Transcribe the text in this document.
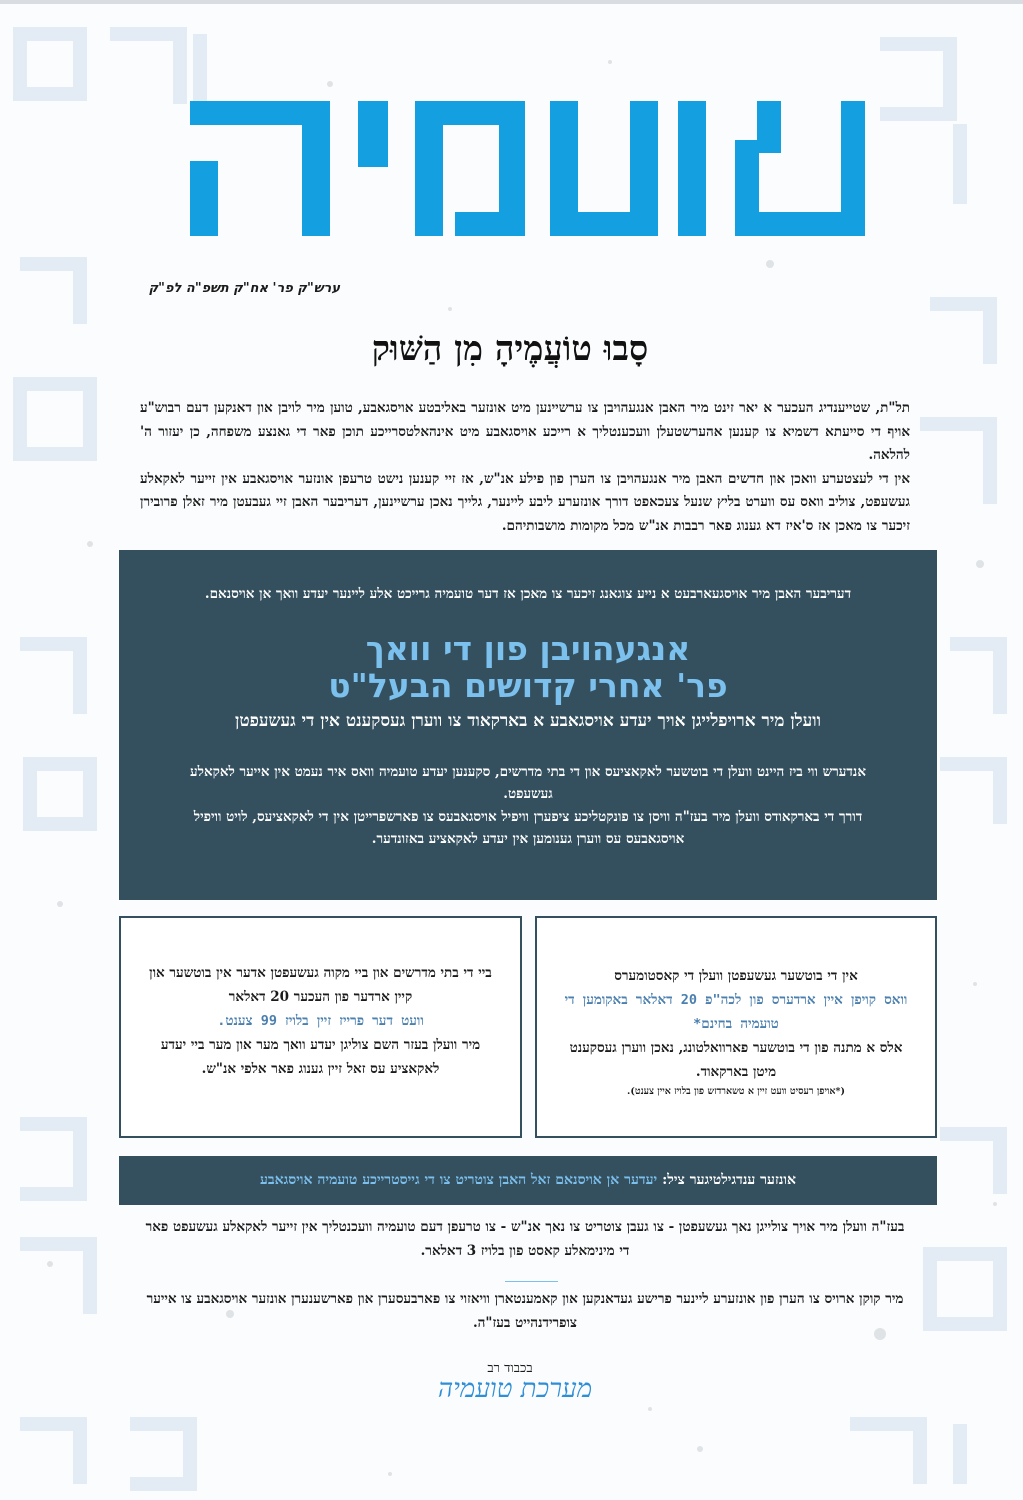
ערש"ק פר' אח"ק תשפ"ה לפ"ק
סָבוּ טוֹעֲמֶיהָ מִן הַשּׁוּק

תל"ת, שטייענדיג העכער א יאר זינט מיר האבן אנגעהויבן צו ערשיינען מיט אונזער באליבטע אויסגאבע, טוען מיר לויבן און דאנקען דעם רבוש"ע אויף די סייעתא דשמיא צו קענען אהערשטעלן וועכענטליך א רייכע אויסגאבע מיט אינהאלטסרייכע תוכן פאר די גאנצע משפחה, כן יעזור ה' להלאה.

אין די לעצטערע וואכן און חדשים האבן מיר אנגעהויבן צו הערן פון פילע אנ"ש, אז זיי קענען נישט טרעפן אונזער אויסגאבע אין זייער לאקאלע געשעפט, צוליב וואס עס ווערט בליץ שנעל צעכאפט דורך אונזערע ליבע ליינער, גלייך נאכן ערשיינען, דעריבער האבן זיי געבעטן מיר זאלן פרובירן זיכער צו מאכן אז ס'איז דא גענוג פאר רבבות אנ"ש מכל מקומות מושבותיהם.

דעריבער האבן מיר אויסגעארבעט א נייע צוגאנג זיכער צו מאכן אז דער טועמיה גרייכט אלע ליינער יעדע וואך אן אויסנאם.
אנגעהויבן פון די וואך
פר' אחרי קדושים הבעל"ט
וועלן מיר ארויפלייגן אויך יעדע אויסגאבע א בארקאוד צו ווערן געסקענט אין די געשעפטן
אנדערש ווי ביז היינט וועלן די בוטשער לאקאציעס און די בתי מדרשים, סקענען יעדע טועמיה וואס איר נעמט אין אייער לאקאלע געשעפט.
דורך די בארקאודס וועלן מיר בעז"ה וויסן צו פונקטליכע ציפערן וויפיל אויסגאבעס צו פארשפרייטן אין די לאקאציעס, לויט וויפיל אויסגאבעס עס ווערן גענומען אין יעדע לאקאציע באזונדער.
אין די בוטשער געשעפטן וועלן די קאסטומערס
וואס קויפן איין ארדערס פון לכה"פ 20 דאלאר באקומען די טועמיה בחינם*
אלס א מתנה פון די בוטשער פארוואלטונג, נאכן ווערן געסקענט מיטן בארקאוד.
(*אויפן רעסיט וועט זיין א טשארדזש פון בלויז איין צענט).
ביי די בתי מדרשים און ביי מקוה געשעפטן אדער אין בוטשער און קיין ארדער פון העכער 20 דאלאר
וועט דער פרייז זיין בלויז 99 צענט.
מיר וועלן בעזר השם צוליגן יעדע וואך מער און מער ביי יעדע לאקאציע עס זאל זיין גענוג פאר אלפי אנ"ש.
אונזער ענדגילטיגער ציל: יעדער אן אויסנאם זאל האבן צוטריט צו די גייסטרייכע טועמיה אויסגאבע
בעז"ה וועלן מיר אויך צולייגן נאך געשעפטן - צו געבן צוטריט צו נאך אנ"ש - צו טרעפן דעם טועמיה וועכנטליך אין זייער לאקאלע געשעפט פאר די מינימאלע קאסט פון בלויז 3 דאלאר.
מיר קוקן ארויס צו הערן פון אונזערע ליינער פרישע געדאנקען און קאמענטארן וויאזוי צו פארבעסערן און פארשענערן אונזער אויסגאבע צו אייער צופרידנהייט בעז"ה.
בכבוד רב
מערכת טועמיה
